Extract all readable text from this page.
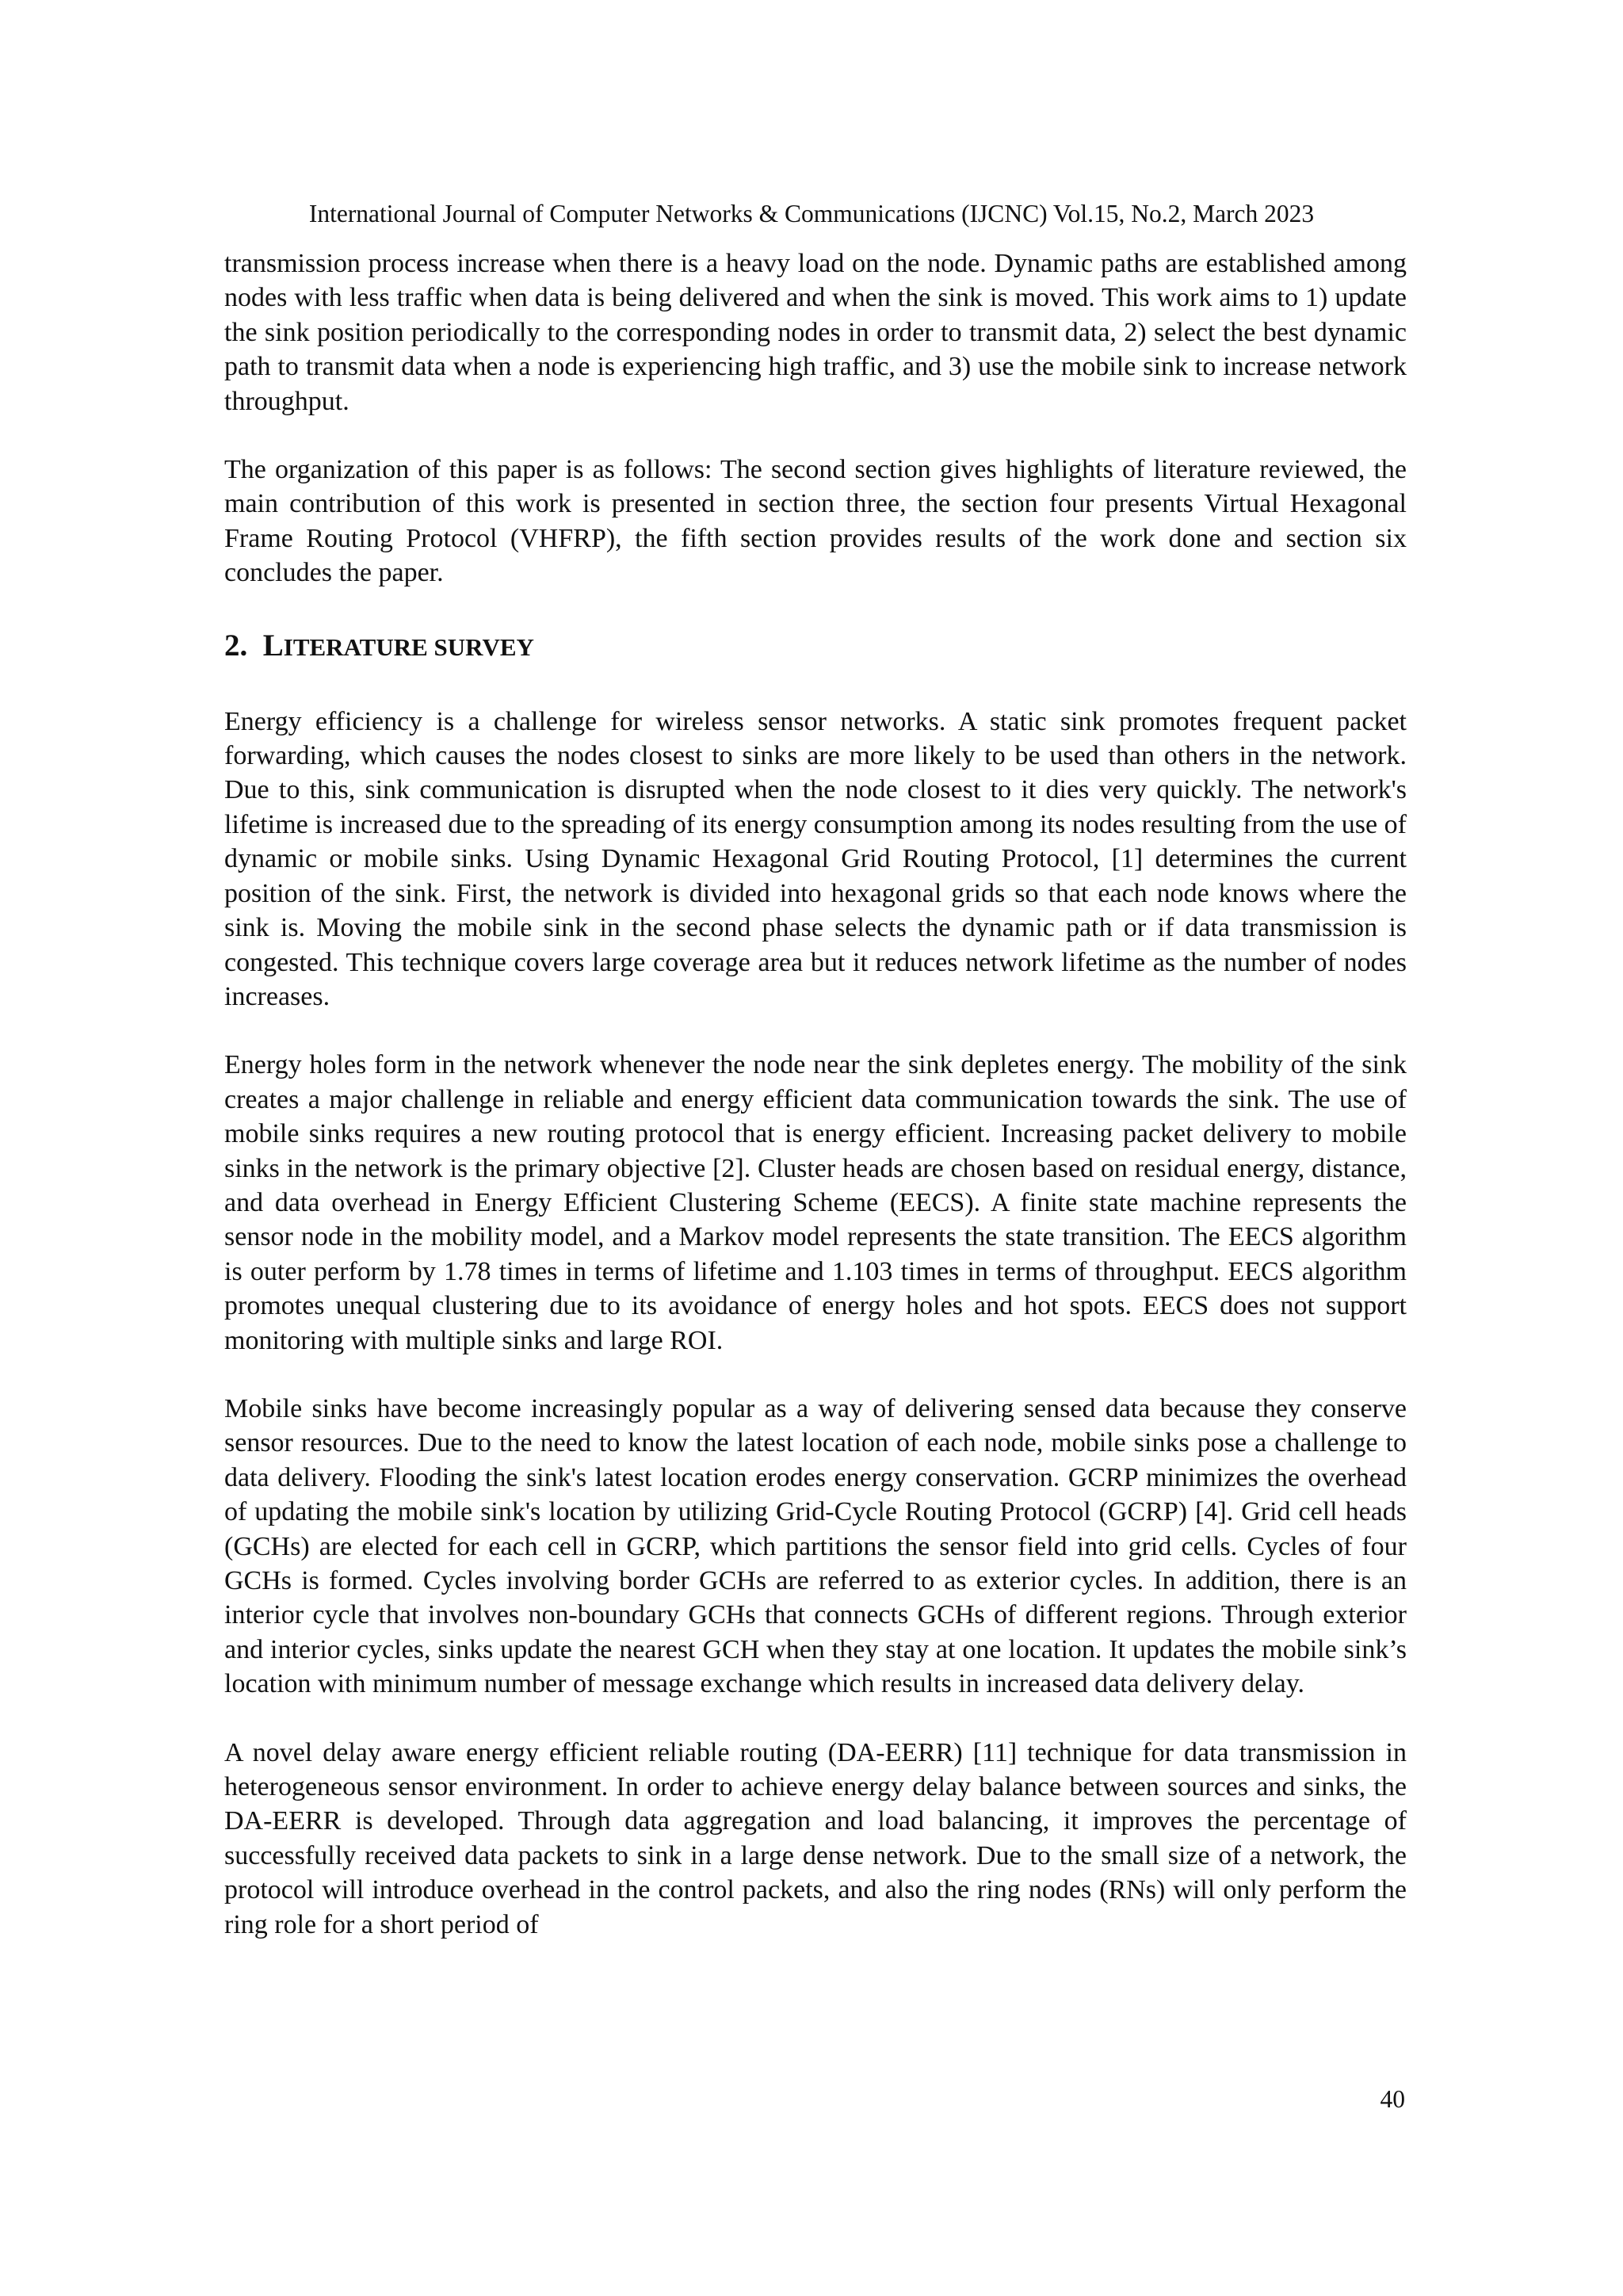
International Journal of Computer Networks & Communications (IJCNC) Vol.15, No.2, March 2023

transmission process increase when there is a heavy load on the node. Dynamic paths are established among nodes with less traffic when data is being delivered and when the sink is moved. This work aims to 1) update the sink position periodically to the corresponding nodes in order to transmit data, 2) select the best dynamic path to transmit data when a node is experiencing high traffic, and 3) use the mobile sink to increase network throughput.

The organization of this paper is as follows: The second section gives highlights of literature reviewed, the main contribution of this work is presented in section three, the section four presents Virtual Hexagonal Frame Routing Protocol (VHFRP), the fifth section provides results of the work done and section six concludes the paper.

2. LITERATURE SURVEY

Energy efficiency is a challenge for wireless sensor networks. A static sink promotes frequent packet forwarding, which causes the nodes closest to sinks are more likely to be used than others in the network. Due to this, sink communication is disrupted when the node closest to it dies very quickly. The network's lifetime is increased due to the spreading of its energy consumption among its nodes resulting from the use of dynamic or mobile sinks. Using Dynamic Hexagonal Grid Routing Protocol, [1] determines the current position of the sink. First, the network is divided into hexagonal grids so that each node knows where the sink is. Moving the mobile sink in the second phase selects the dynamic path or if data transmission is congested. This technique covers large coverage area but it reduces network lifetime as the number of nodes increases.

Energy holes form in the network whenever the node near the sink depletes energy. The mobility of the sink creates a major challenge in reliable and energy efficient data communication towards the sink. The use of mobile sinks requires a new routing protocol that is energy efficient. Increasing packet delivery to mobile sinks in the network is the primary objective [2]. Cluster heads are chosen based on residual energy, distance, and data overhead in Energy Efficient Clustering Scheme (EECS). A finite state machine represents the sensor node in the mobility model, and a Markov model represents the state transition. The EECS algorithm is outer perform by 1.78 times in terms of lifetime and 1.103 times in terms of throughput. EECS algorithm promotes unequal clustering due to its avoidance of energy holes and hot spots. EECS does not support monitoring with multiple sinks and large ROI.

Mobile sinks have become increasingly popular as a way of delivering sensed data because they conserve sensor resources. Due to the need to know the latest location of each node, mobile sinks pose a challenge to data delivery. Flooding the sink's latest location erodes energy conservation. GCRP minimizes the overhead of updating the mobile sink's location by utilizing Grid-Cycle Routing Protocol (GCRP) [4]. Grid cell heads (GCHs) are elected for each cell in GCRP, which partitions the sensor field into grid cells. Cycles of four GCHs is formed. Cycles involving border GCHs are referred to as exterior cycles. In addition, there is an interior cycle that involves non-boundary GCHs that connects GCHs of different regions. Through exterior and interior cycles, sinks update the nearest GCH when they stay at one location. It updates the mobile sink’s location with minimum number of message exchange which results in increased data delivery delay.

A novel delay aware energy efficient reliable routing (DA-EERR) [11] technique for data transmission in heterogeneous sensor environment. In order to achieve energy delay balance between sources and sinks, the DA-EERR is developed. Through data aggregation and load balancing, it improves the percentage of successfully received data packets to sink in a large dense network. Due to the small size of a network, the protocol will introduce overhead in the control packets, and also the ring nodes (RNs) will only perform the ring role for a short period of

40
